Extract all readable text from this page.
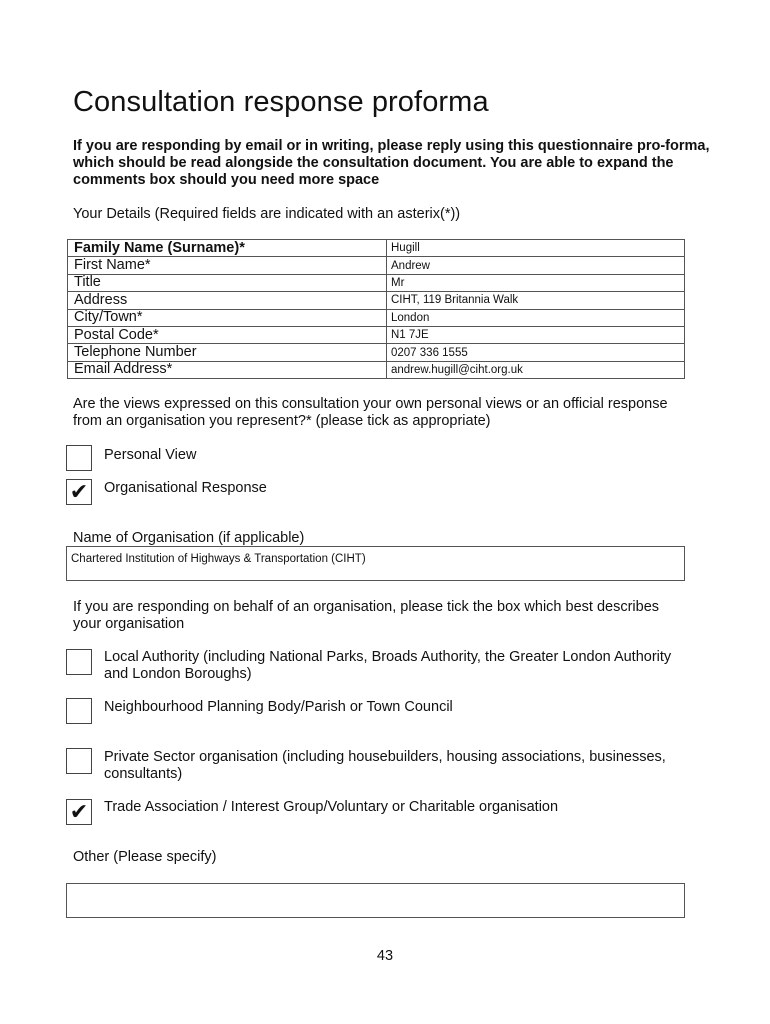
Consultation response proforma

If you are responding by email or in writing, please reply using this questionnaire pro-forma, which should be read alongside the consultation document. You are able to expand the comments box should you need more space

Your Details (Required fields are indicated with an asterix(*))

Family Name (Surname)*	Hugill
First Name*	Andrew
Title	Mr
Address	CIHT, 119 Britannia Walk
City/Town*	London
Postal Code*	N1 7JE
Telephone Number	0207 336 1555
Email Address*	andrew.hugill@ciht.org.uk

Are the views expressed on this consultation your own personal views or an official response from an organisation you represent?* (please tick as appropriate)

Personal View

✔ Organisational Response

Name of Organisation (if applicable)

Chartered Institution of Highways & Transportation (CIHT)

If you are responding on behalf of an organisation, please tick the box which best describes your organisation

Local Authority (including National Parks, Broads Authority, the Greater London Authority and London Boroughs)

Neighbourhood Planning Body/Parish or Town Council

Private Sector organisation (including housebuilders, housing associations, businesses, consultants)

✔ Trade Association / Interest Group/Voluntary or Charitable organisation

Other (Please specify)

43
